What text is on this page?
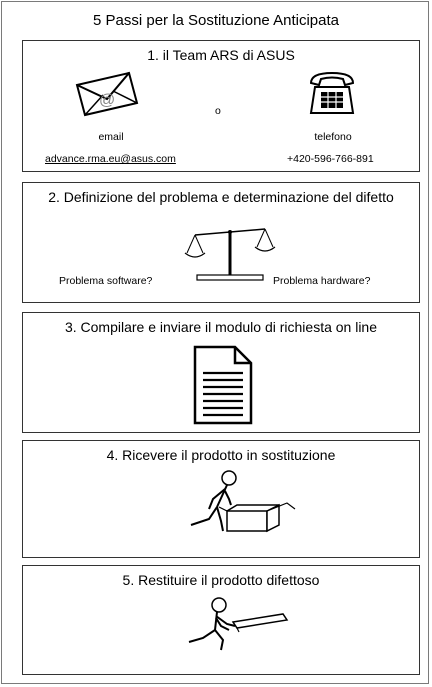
5 Passi per la Sostituzione Anticipata
1. il Team ARS di ASUS
@
o
email	telefono
advance.rma.eu@asus.com	+420-596-766-891
2. Definizione del problema e determinazione del difetto
Problema software?	Problema hardware?
3. Compilare e inviare il modulo di richiesta on line
4. Ricevere il prodotto in sostituzione
5. Restituire il prodotto difettoso
